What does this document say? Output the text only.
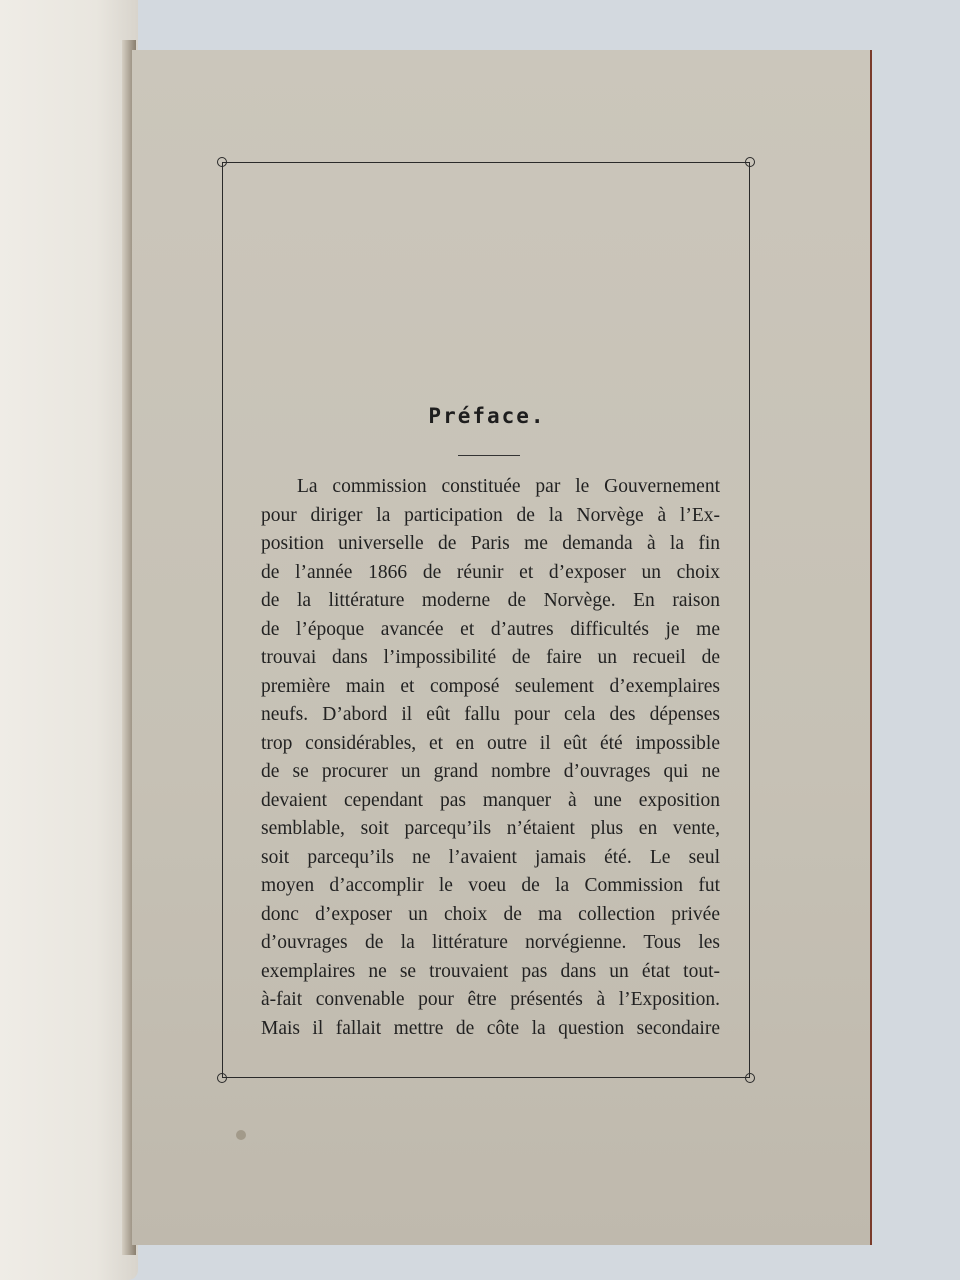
Préface.
La commission constituée par le Gouvernement
pour diriger la participation de la Norvège à l’Ex-
position universelle de Paris me demanda à la fin
de l’année 1866 de réunir et d’exposer un choix
de la littérature moderne de Norvège. En raison
de l’époque avancée et d’autres difficultés je me
trouvai dans l’impossibilité de faire un recueil de
première main et composé seulement d’exemplaires
neufs. D’abord il eût fallu pour cela des dépenses
trop considérables, et en outre il eût été impossible
de se procurer un grand nombre d’ouvrages qui ne
devaient cependant pas manquer à une exposition
semblable, soit parcequ’ils n’étaient plus en vente,
soit parcequ’ils ne l’avaient jamais été. Le seul
moyen d’accomplir le voeu de la Commission fut
donc d’exposer un choix de ma collection privée
d’ouvrages de la littérature norvégienne. Tous les
exemplaires ne se trouvaient pas dans un état tout-
à-fait convenable pour être présentés à l’Exposition.
Mais il fallait mettre de côte la question secondaire
